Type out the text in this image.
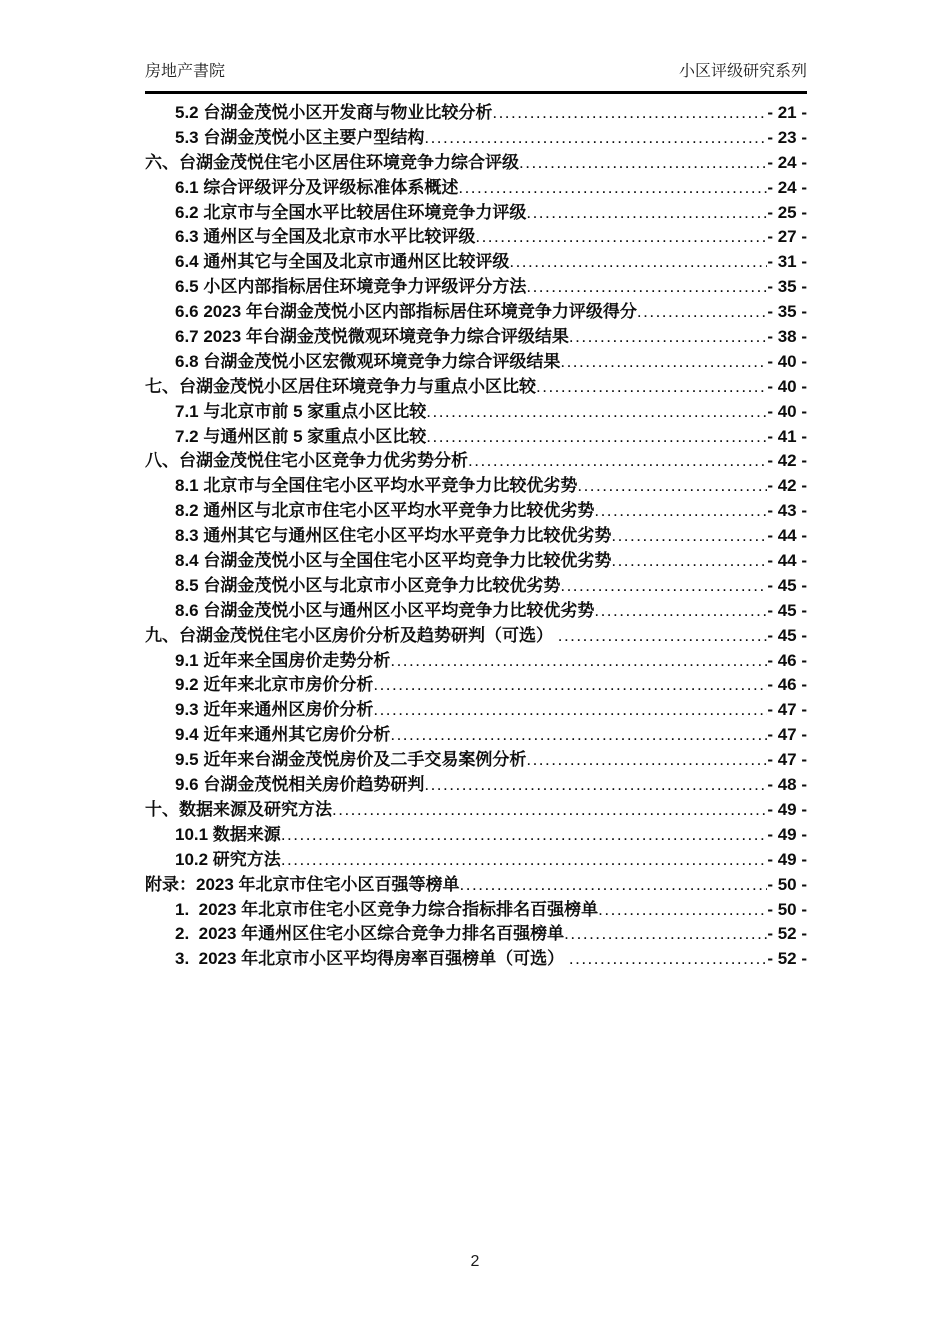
房地产書院	小区评级研究系列
5.2 台湖金茂悦小区开发商与物业比较分析 .....	- 21 -
5.3 台湖金茂悦小区主要户型结构 .....	- 23 -
六、台湖金茂悦住宅小区居住环境竞争力综合评级 .....	- 24 -
6.1 综合评级评分及评级标准体系概述 .....	- 24 -
6.2 北京市与全国水平比较居住环境竞争力评级 .....	- 25 -
6.3 通州区与全国及北京市水平比较评级 .....	- 27 -
6.4 通州其它与全国及北京市通州区比较评级 .....	- 31 -
6.5 小区内部指标居住环境竞争力评级评分方法 .....	- 35 -
6.6 2023 年台湖金茂悦小区内部指标居住环境竞争力评级得分 .....	- 35 -
6.7 2023 年台湖金茂悦微观环境竞争力综合评级结果 .....	- 38 -
6.8 台湖金茂悦小区宏微观环境竞争力综合评级结果 .....	- 40 -
七、台湖金茂悦小区居住环境竞争力与重点小区比较 .....	- 40 -
7.1 与北京市前 5 家重点小区比较 .....	- 40 -
7.2 与通州区前 5 家重点小区比较 .....	- 41 -
八、台湖金茂悦住宅小区竞争力优劣势分析 .....	- 42 -
8.1 北京市与全国住宅小区平均水平竞争力比较优劣势 .....	- 42 -
8.2 通州区与北京市住宅小区平均水平竞争力比较优劣势 .....	- 43 -
8.3 通州其它与通州区住宅小区平均水平竞争力比较优劣势 .....	- 44 -
8.4 台湖金茂悦小区与全国住宅小区平均竞争力比较优劣势 .....	- 44 -
8.5 台湖金茂悦小区与北京市小区竞争力比较优劣势 .....	- 45 -
8.6 台湖金茂悦小区与通州区小区平均竞争力比较优劣势 .....	- 45 -
九、台湖金茂悦住宅小区房价分析及趋势研判（可选） .....	- 45 -
9.1 近年来全国房价走势分析 .....	- 46 -
9.2 近年来北京市房价分析 .....	- 46 -
9.3 近年来通州区房价分析 .....	- 47 -
9.4 近年来通州其它房价分析 .....	- 47 -
9.5 近年来台湖金茂悦房价及二手交易案例分析 .....	- 47 -
9.6 台湖金茂悦相关房价趋势研判 .....	- 48 -
十、数据来源及研究方法 .....	- 49 -
10.1 数据来源 .....	- 49 -
10.2 研究方法 .....	- 49 -
附录：2023 年北京市住宅小区百强等榜单 .....	- 50 -
1.  2023 年北京市住宅小区竞争力综合指标排名百强榜单 .....	- 50 -
2.  2023 年通州区住宅小区综合竞争力排名百强榜单 .....	- 52 -
3.  2023 年北京市小区平均得房率百强榜单（可选） .....	- 52 -
2
